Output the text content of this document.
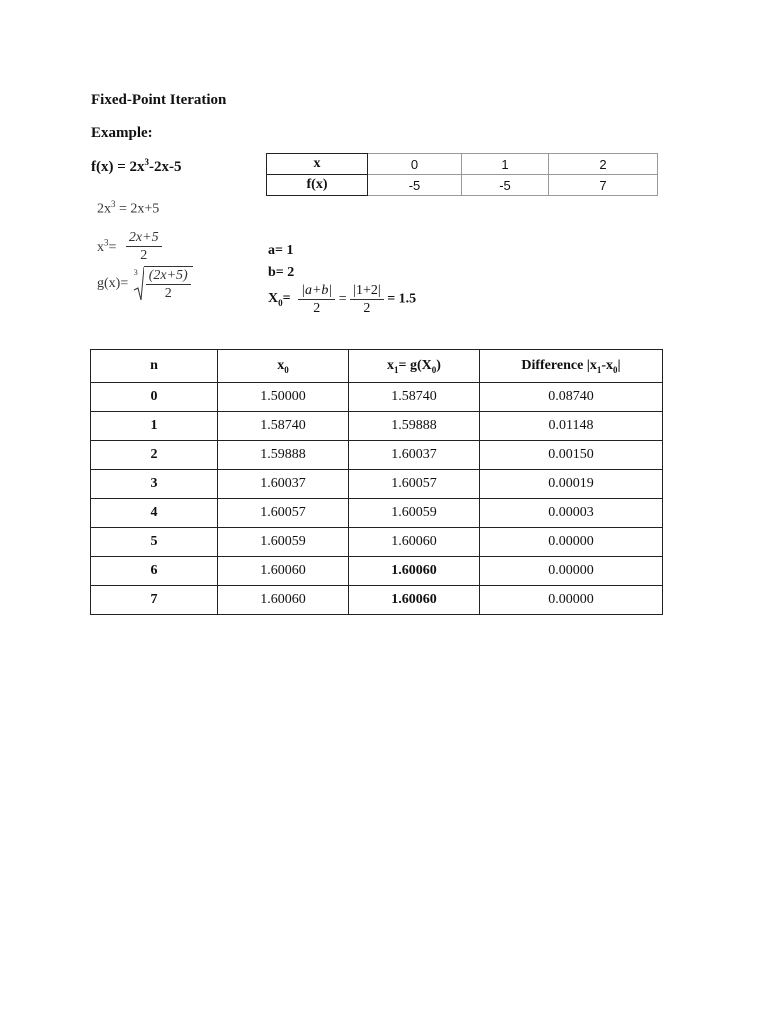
Fixed-Point Iteration
Example:
$f(x) = 2x^3-2x-5$
$2x^3 = 2x+5$
$x^3= \frac{2x+5}{2}$
g(x)=
$3 \frac{(2x+5)}{2}$
x	0	1	2
f(x)	-5	-5	7
a= 1
b= 2
$X_0= \frac{|a+b|}{2} = \frac{|1+2|}{2} = 1.5$
n	$x_0$	$x_1= g(X_0)$	Difference $|x_1-x_0|$
0	1.50000	1.58740	0.08740
1	1.58740	1.59888	0.01148
2	1.59888	1.60037	0.00150
3	1.60037	1.60057	0.00019
4	1.60057	1.60059	0.00003
5	1.60059	1.60060	0.00000
6	1.60060	1.60060	0.00000
7	1.60060	1.60060	0.00000
